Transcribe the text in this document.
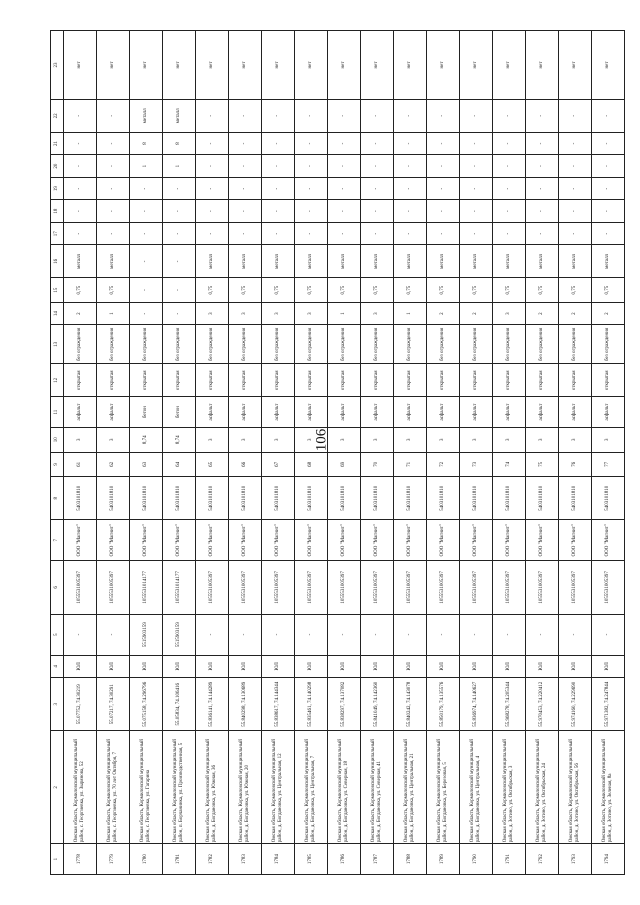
106
1	2	3	4	5	6	7	8	9	10	11	12	13	14	15	16	17	18	19	20	21	22	23
1778	Омская область, Кормиловский муниципальный район, с. Георгиевка, ул. Зырянова, 52	55.07752, 74.30219	ЮЛ	-	1055531005397	ООО "Магнит"	5403101810	61	3	асфальт	открытая	без ограждения	2	0,75	металл	-	-	-	-	-	-	нет
1779	Омская область, Кормиловский муниципальный район, с. Георгиевка, ул. 70 лет Октября, 7	55.07217, 74.30291	ЮЛ	-	1055531005397	ООО "Магнит"	5403101810	62	3	асфальт	открытая	без ограждения	1	0,75	металл	-	-	-	-	-	-	нет
1780	Омская область, Кормиловский муниципальный район, с. Георгиевка, ул. Гагарина	55.075158, 74.296796	ЮЛ	5515903159	1055531014177	ООО "Магнит"	5403101810	63	8,74	бетон	открытая	без ограждения	-	-	-	-	-	-	1	8	металл	нет
1781	Омская область, Кормиловский муниципальный район, п. Борчанинка, ул. Производственная, 5	55.05834, 74.106416	ЮЛ	5515903159	1055531014177	ООО "Магнит"	5403101810	64	8,74	бетон	открытая	без ограждения	-	-	-	-	-	-	1	8	металл	нет
1782	Омская область, Кормиловский муниципальный район, д. Богдановка, ул. Южная, 36	55.836141, 74.144289	ЮЛ	-	1055531005397	ООО "Магнит"	5403101810	65	3	асфальт	открытая	без ограждения	3	0,75	металл	-	-	-	-	-	-	нет
1783	Омская область, Кормиловский муниципальный район, д. Богдановка, ул. Южная, 20	55.840298, 74.130689	ЮЛ	-	1055531005397	ООО "Магнит"	5403101810	66	3	асфальт	открытая	без ограждения	3	0,75	металл	-	-	-	-	-	-	нет
1784	Омская область, Кормиловский муниципальный район, д. Богдановка, ул. Центральная, 12	55.838617, 74.144344	ЮЛ	-	1055531005397	ООО "Магнит"	5403101810	67	3	асфальт	открытая	без ограждения	3	0,75	металл	-	-	-	-	-	-	нет
1785	Омская область, Кормиловский муниципальный район, д. Богдановка, ул. Центральная, 7	55.835461, 74.140298	ЮЛ	-	1055531005397	ООО "Магнит"	5403101810	68	3	асфальт	открытая	без ограждения	3	0,75	металл	-	-	-	-	-	-	нет
1786	Омская область, Кормиловский муниципальный район, д. Богдановка, ул. Северная, 18	55.838297, 74.137082	ЮЛ	-	1055531005397	ООО "Магнит"	5403101810	69	3	асфальт	открытая	без ограждения	1	0,75	металл	-	-	-	-	-	-	нет
1787	Омская область, Кормиловский муниципальный район, д. Богдановка, ул. Северная, 41	55.841049, 74.142360	ЮЛ	-	1055531005397	ООО "Магнит"	5403101810	70	3	асфальт	открытая	без ограждения	3	0,75	металл	-	-	-	-	-	-	нет
1788	Омская область, Кормиловский муниципальный район, д. Богдановка, ул. Центральная, 21	55.840242, 74.143078	ЮЛ	-	1055531005397	ООО "Магнит"	5403101810	71	3	асфальт	открытая	без ограждения	1	0,75	металл	-	-	-	-	-	-	нет
1789	Омская область, Кормиловский муниципальный район, д. Богдановка, ул. Березовая, 5	55.850179, 74.135576	ЮЛ	-	1055531005397	ООО "Магнит"	5403101810	72	3	асфальт	открытая	без ограждения	2	0,75	металл	-	-	-	-	-	-	нет
1790	Омская область, Кормиловский муниципальный район, д. Богдановка, ул. Центральная, 4	55.836974, 74.140627	ЮЛ	-	1055531005397	ООО "Магнит"	5403101810	73	3	асфальт	открытая	без ограждения	2	0,75	металл	-	-	-	-	-	-	нет
1791	Омская область, Кормиловский муниципальный район, д. Зотино, ул. Октябрьская, 3	55.968278, 74.205344	ЮЛ	-	1055531005397	ООО "Магнит"	5403101810	74	3	асфальт	открытая	без ограждения	3	0,75	металл	-	-	-	-	-	-	нет
1792	Омская область, Кормиловский муниципальный район, д. Зотино, ул. Октябрьская, 24	55.970453, 74.220412	ЮЛ	-	1055531005397	ООО "Магнит"	5403101810	75	3	асфальт	открытая	без ограждения	2	0,75	металл	-	-	-	-	-	-	нет
1793	Омская область, Кормиловский муниципальный район, д. Зотино, ул. Октябрьская, 56	55.974160, 74.229690	ЮЛ	-	1055531005397	ООО "Магнит"	5403101810	76	3	асфальт	открытая	без ограждения	2	0,75	металл	-	-	-	-	-	-	нет
1794	Омская область, Кормиловский муниципальный район, д. Зотино, ул. Зеленая, 8а	55.971382, 74.247844	ЮЛ	-	1055531005397	ООО "Магнит"	5403101810	77	3	асфальт	открытая	без ограждения	2	0,75	металл	-	-	-	-	-	-	нет
